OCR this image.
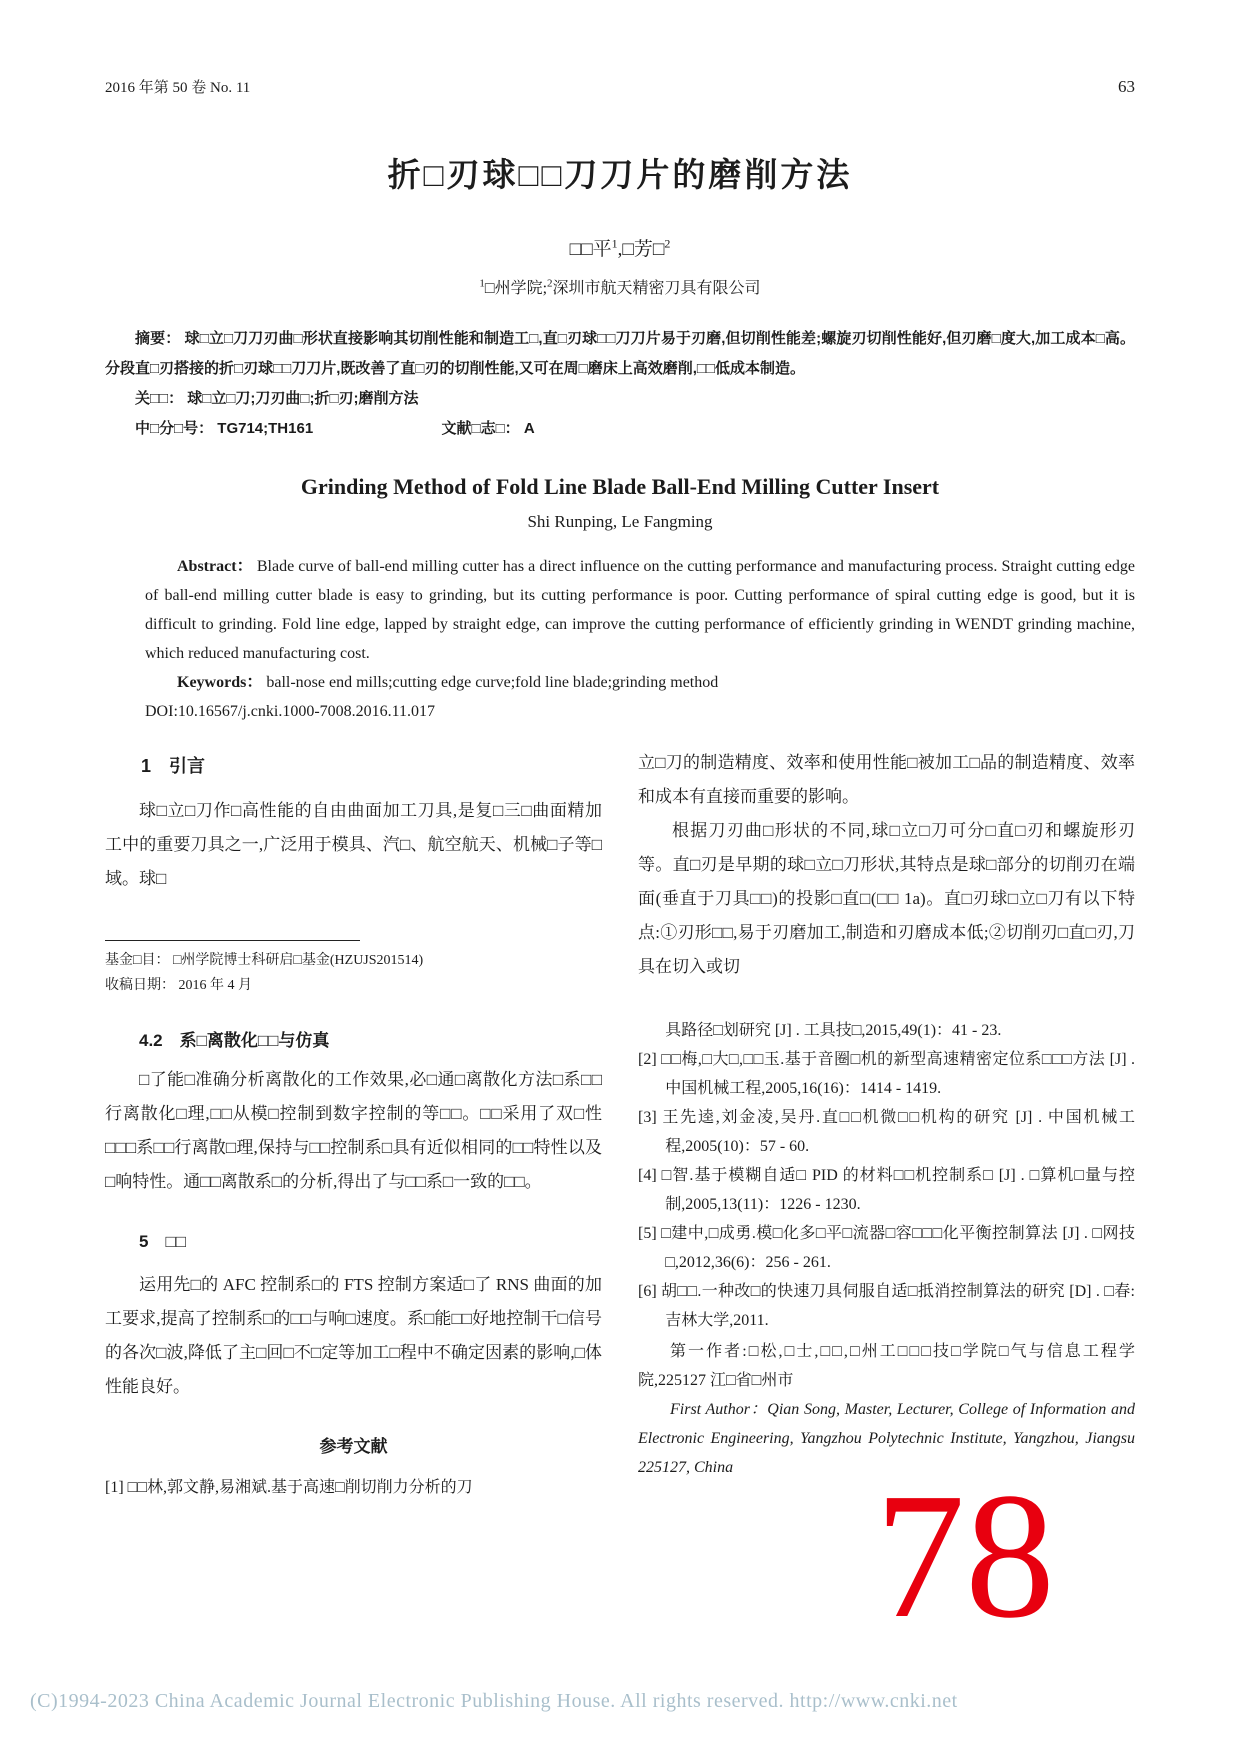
2016 年第 50 卷 No. 11	63
折□刃球□□刀刀片的磨削方法
□□平$^1$,□芳□$^2$
$^1$□州学院;$^2$深圳市航天精密刀具有限公司

摘要： 球□立□刀刀刃曲□形状直接影响其切削性能和制造工□,直□刃球□□刀刀片易于刃磨,但切削性能差;螺旋刃切削性能好,但刃磨□度大,加工成本□高。分段直□刃搭接的折□刃球□□刀刀片,既改善了直□刃的切削性能,又可在周□磨床上高效磨削,□□低成本制造。

关□□： 球□立□刀;刀刃曲□;折□刃;磨削方法

中□分□号： TG714;TH161	文献□志□： A

Grinding Method of Fold Line Blade Ball-End Milling Cutter Insert
Shi Runping, Le Fangming

Abstract： Blade curve of ball-end milling cutter has a direct influence on the cutting performance and manufacturing process. Straight cutting edge of ball-end milling cutter blade is easy to grinding, but its cutting performance is poor. Cutting performance of spiral cutting edge is good, but it is difficult to grinding. Fold line edge, lapped by straight edge, can improve the cutting performance of efficiently grinding in WENDT grinding machine, which reduced manufacturing cost.

Keywords： ball-nose end mills;cutting edge curve;fold line blade;grinding method

DOI:10.16567/j.cnki.1000-7008.2016.11.017

1　引言

球□立□刀作□高性能的自由曲面加工刀具,是复□三□曲面精加工中的重要刀具之一,广泛用于模具、汽□、航空航天、机械□子等□域。球□

基金□目： □州学院博士科研启□基金(HZUJS201514)

收稿日期： 2016 年 4 月

立□刀的制造精度、效率和使用性能□被加工□品的制造精度、效率和成本有直接而重要的影响。

根据刀刃曲□形状的不同,球□立□刀可分□直□刃和螺旋形刃等。直□刃是早期的球□立□刀形状,其特点是球□部分的切削刃在端面(垂直于刀具□□)的投影□直□(□□ 1a)。直□刃球□立□刀有以下特点:①刃形□□,易于刃磨加工,制造和刃磨成本低;②切削刃□直□刃,刀具在切入或切

4.2　系□离散化□□与仿真

□了能□准确分析离散化的工作效果,必□通□离散化方法□系□□行离散化□理,□□从模□控制到数字控制的等□□。□□采用了双□性□□□系□□行离散□理,保持与□□控制系□具有近似相同的□□特性以及□响特性。通□□离散系□的分析,得出了与□□系□一致的□□。

5　□□

运用先□的 AFC 控制系□的 FTS 控制方案适□了 RNS 曲面的加工要求,提高了控制系□的□□与响□速度。系□能□□好地控制干□信号的各次□波,降低了主□回□不□定等加工□程中不确定因素的影响,□体性能良好。

参考文献

[1] □□林,郭文静,易湘斌.基于高速□削切削力分析的刀

具路径□划研究 [J] . 工具技□,2015,49(1)：41 - 23.

[2] □□梅,□大□,□□玉.基于音圈□机的新型高速精密定位系□□□方法 [J] . 中国机械工程,2005,16(16)：1414 - 1419.

[3] 王先逵,刘金凌,吴丹.直□□机微□□机构的研究 [J] . 中国机械工程,2005(10)：57 - 60.

[4] □智.基于模糊自适□ PID 的材料□□机控制系□ [J] . □算机□量与控制,2005,13(11)：1226 - 1230.

[5] □建中,□成勇.模□化多□平□流器□容□□□化平衡控制算法 [J] . □网技□,2012,36(6)：256 - 261.

[6] 胡□□.一种改□的快速刀具伺服自适□抵消控制算法的研究 [D] . □春:吉林大学,2011.

第一作者:□松,□士,□□,□州工□□□技□学院□气与信息工程学院,225127 江□省□州市

First Author：Qian Song, Master, Lecturer, College of Information and Electronic Engineering, Yangzhou Polytechnic Institute, Yangzhou, Jiangsu 225127, China

(C)1994-2023 China Academic Journal Electronic Publishing House. All rights reserved. http://www.cnki.net
78
